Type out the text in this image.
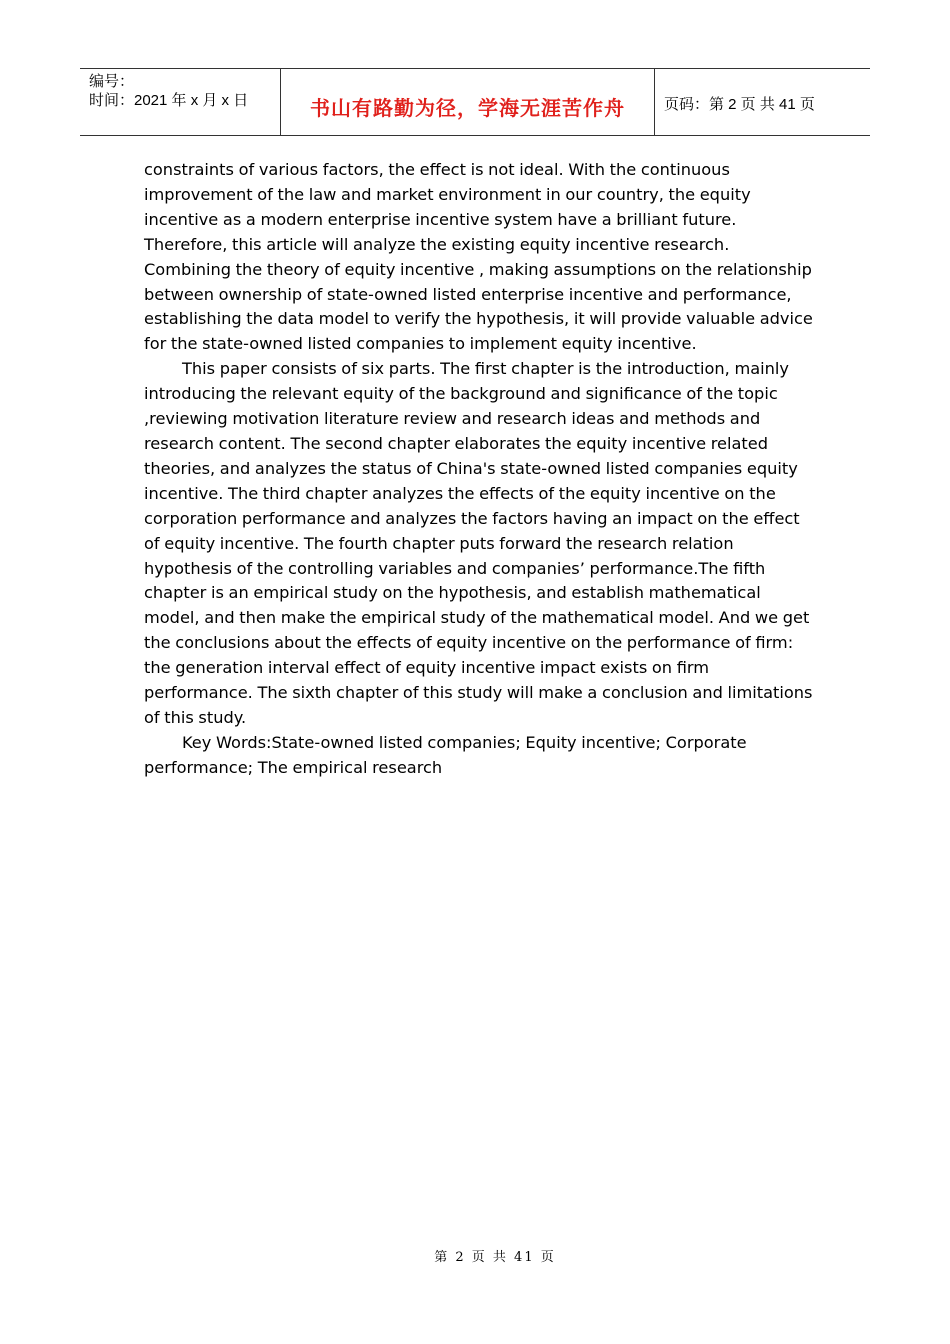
编号：
时间：2021 年 x 月 x 日	书山有路勤为径，学海无涯苦作舟	页码：第 2 页 共 41 页

constraints of various factors, the effect is not ideal. With the continuous improvement of the law and market environment in our country, the equity incentive as a modern enterprise incentive system have a brilliant future. Therefore, this article will analyze the existing equity incentive research. Combining the theory of equity incentive , making assumptions on the relationship between ownership of state-owned listed enterprise incentive and performance, establishing the data model to verify the hypothesis, it will provide valuable advice for the state-owned listed companies to implement equity incentive.

This paper consists of six parts. The first chapter is the introduction, mainly introducing the relevant equity of the background and significance of the topic ,reviewing motivation literature review and research ideas and methods and research content. The second chapter elaborates the equity incentive related theories, and analyzes the status of China's state-owned listed companies equity incentive. The third chapter analyzes the effects of the equity incentive on the corporation performance and analyzes the factors having an impact on the effect of equity incentive. The fourth chapter puts forward the research relation hypothesis of the controlling variables and companies’ performance.The fifth chapter is an empirical study on the hypothesis, and establish mathematical model, and then make the empirical study of the mathematical model. And we get the conclusions about the effects of equity incentive on the performance of firm: the generation interval effect of equity incentive impact exists on firm performance. The sixth chapter of this study will make a conclusion and limitations of this study.

Key Words:State-owned listed companies; Equity incentive; Corporate performance; The empirical research

第 2 页 共 41 页
